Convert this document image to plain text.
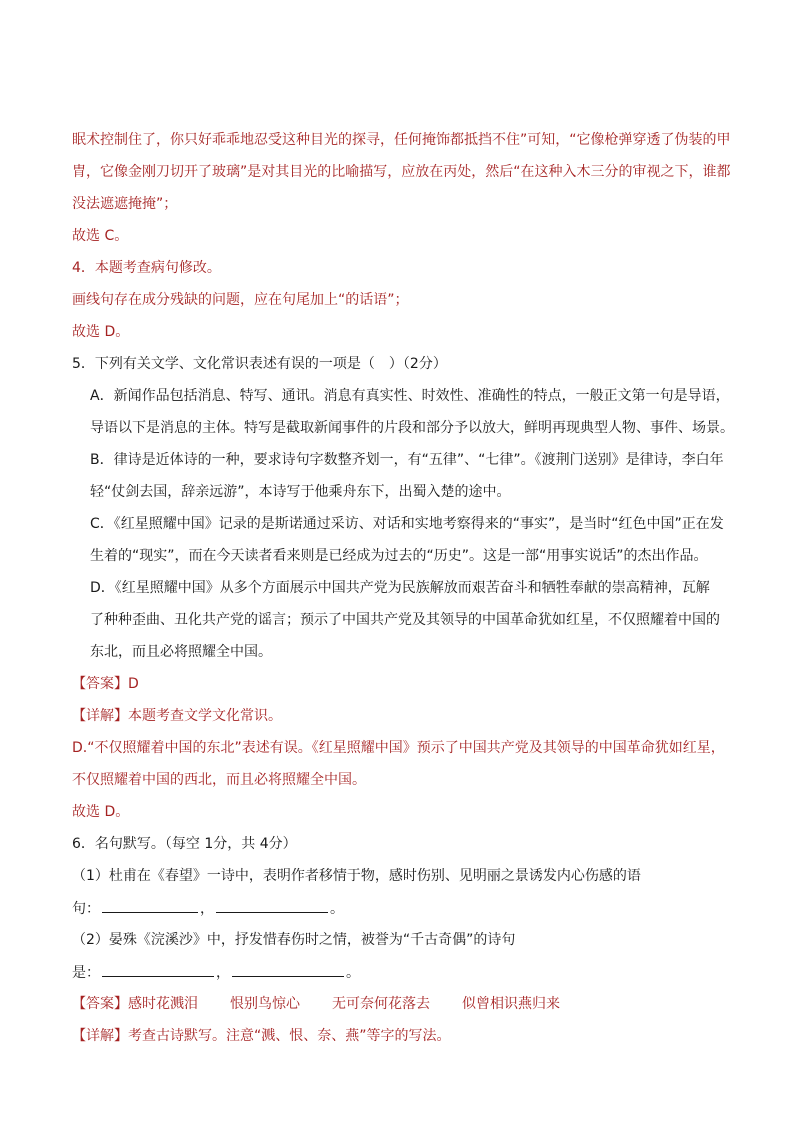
眠术控制住了，你只好乖乖地忍受这种目光的探寻，任何掩饰都抵挡不住”可知，“它像枪弹穿透了伪装的甲
胄，它像金刚刀切开了玻璃”是对其目光的比喻描写，应放在丙处，然后“在这种入木三分的审视之下，谁都
没法遮遮掩掩”；
故选 C。
4．本题考查病句修改。
画线句存在成分残缺的问题，应在句尾加上“的话语”；
故选 D。
5．下列有关文学、文化常识表述有误的一项是（　）（2分）
A．新闻作品包括消息、特写、通讯。消息有真实性、时效性、准确性的特点，一般正文第一句是导语，
导语以下是消息的主体。特写是截取新闻事件的片段和部分予以放大，鲜明再现典型人物、事件、场景。
B．律诗是近体诗的一种，要求诗句字数整齐划一，有“五律”、“七律”。《渡荆门送别》是律诗，李白年
轻“仗剑去国，辞亲远游”，本诗写于他乘舟东下，出蜀入楚的途中。
C．《红星照耀中国》记录的是斯诺通过采访、对话和实地考察得来的“事实”，是当时“红色中国”正在发
生着的“现实”，而在今天读者看来则是已经成为过去的“历史”。这是一部“用事实说话”的杰出作品。
D．《红星照耀中国》从多个方面展示中国共产党为民族解放而艰苦奋斗和牺牲奉献的崇高精神，瓦解
了种种歪曲、丑化共产党的谣言；预示了中国共产党及其领导的中国革命犹如红星，不仅照耀着中国的
东北，而且必将照耀全中国。
【答案】D
【详解】本题考查文学文化常识。
D.“不仅照耀着中国的东北”表述有误。《红星照耀中国》预示了中国共产党及其领导的中国革命犹如红星，
不仅照耀着中国的西北，而且必将照耀全中国。
故选 D。
6．名句默写。（每空 1分，共 4分）
（1）杜甫在《春望》一诗中，表明作者移情于物，感时伤别、见明丽之景诱发内心伤感的语
句：	，	。
（2）晏殊《浣溪沙》中，抒发惜春伤时之情，被誉为“千古奇偶”的诗句
是：	，	。
【答案】感时花溅泪 恨别鸟惊心 无可奈何花落去 似曾相识燕归来
【详解】考查古诗默写。注意“溅、恨、奈、燕”等字的写法。
